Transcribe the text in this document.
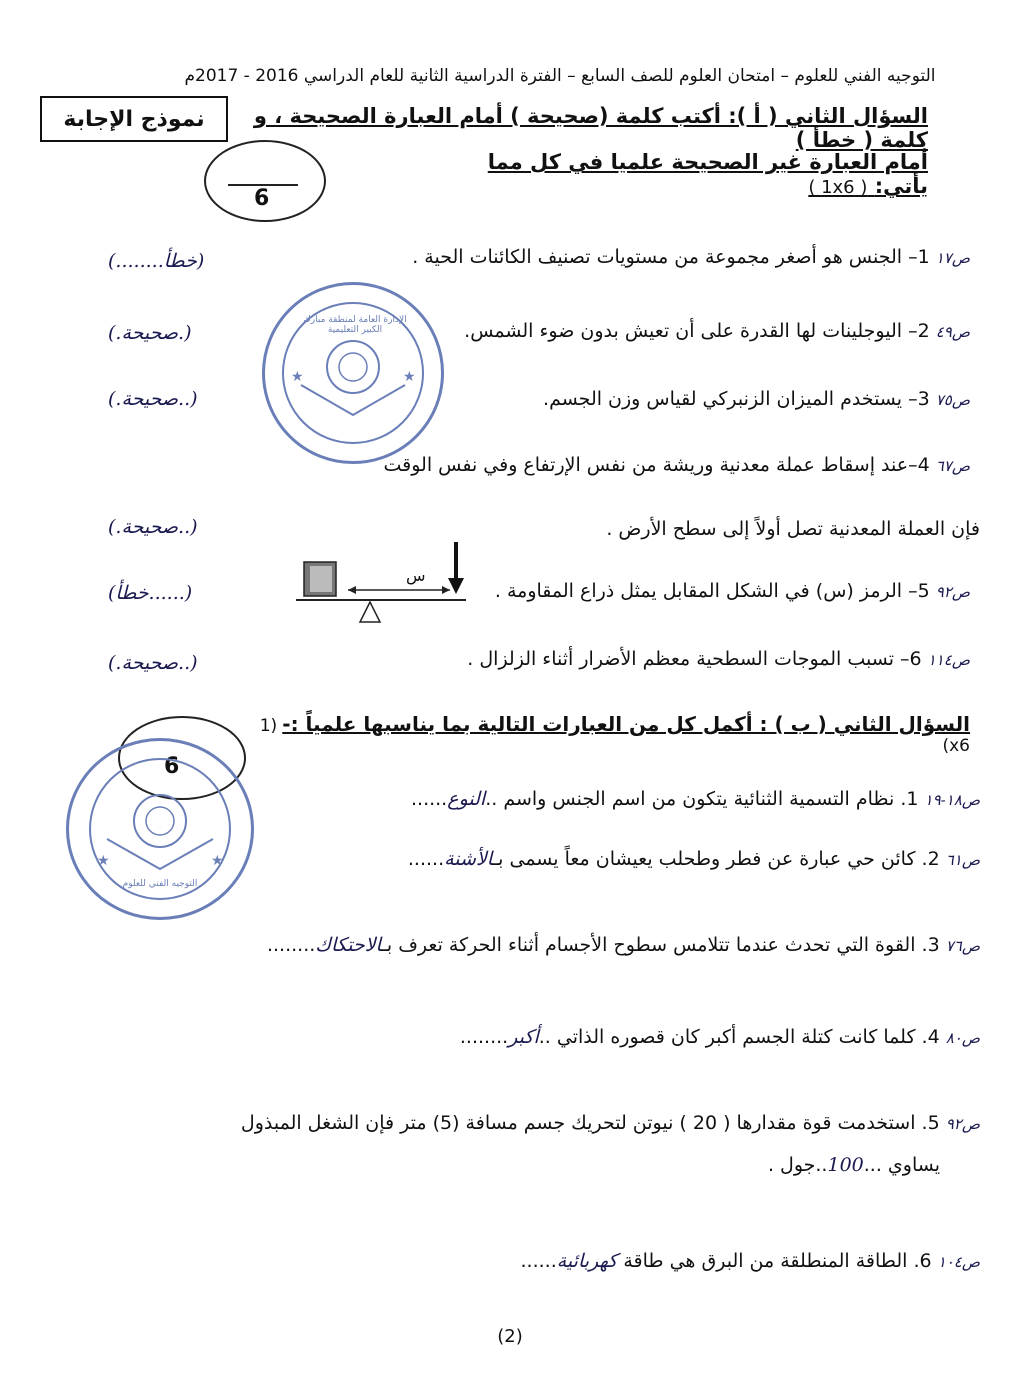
التوجيه الفني للعلوم – امتحان العلوم للصف السابع – الفترة الدراسية الثانية للعام الدراسي 2016 - 2017م
نموذج الإجابة	السؤال الثاني ( أ ): أكتب كلمة (صحيحة ) أمام العبارة الصحيحة ، و كلمة ( خطأ )
أمام العبارة غير الصحيحة علميا في كل مما يأتي: ( 1x6 )
6
★	★
الإدارة العامة لمنطقة مبارك الكبير التعليمية
ص١٧ 1– الجنس هو أصغر مجموعة من مستويات تصنيف الكائنات الحية .
(........خطأ)
ص٤٩ 2– اليوجلينات لها القدرة على أن تعيش بدون ضوء الشمس.
(.صحيحة.)
ص٧٥ 3– يستخدم الميزان الزنبركي لقياس وزن الجسم.
(.صحيحة..)
ص٦٧ 4–عند إسقاط عملة معدنية وريشة من نفس الإرتفاع وفي نفس الوقت
فإن العملة المعدنية تصل أولاً إلى سطح الأرض .
(.صحيحة..)
ص٩٢ 5– الرمز (س) في الشكل المقابل يمثل ذراع المقاومة .
س
(خطأ......)
ص١١٤ 6– تسبب الموجات السطحية معظم الأضرار أثناء الزلزال .
(.صحيحة..)
السؤال الثاني ( ب ) : أكمل كل من العبارات التالية بما يناسبها علمياً :- (1 x6)
6
★	★
التوجيه الفني للعلوم
ص١٨-١٩ 1. نظام التسمية الثنائية يتكون من اسم الجنس واسم ..النوع......
ص٦١ 2. كائن حي عبارة عن فطر وطحلب يعيشان معاً يسمى بـالأشنة......
ص٧٦ 3. القوة التي تحدث عندما تتلامس سطوح الأجسام أثناء الحركة تعرف بـالاحتكاك........
ص٨٠ 4. كلما كانت كتلة الجسم أكبر كان قصوره الذاتي ..أكبر........
ص٩٢ 5. استخدمت قوة مقدارها ( 20 ) نيوتن لتحريك جسم مسافة (5) متر فإن الشغل المبذول
يساوي ...100..جول .
ص١٠٤ 6. الطاقة المنطلقة من البرق هي طاقة كهربائية......
(2)
